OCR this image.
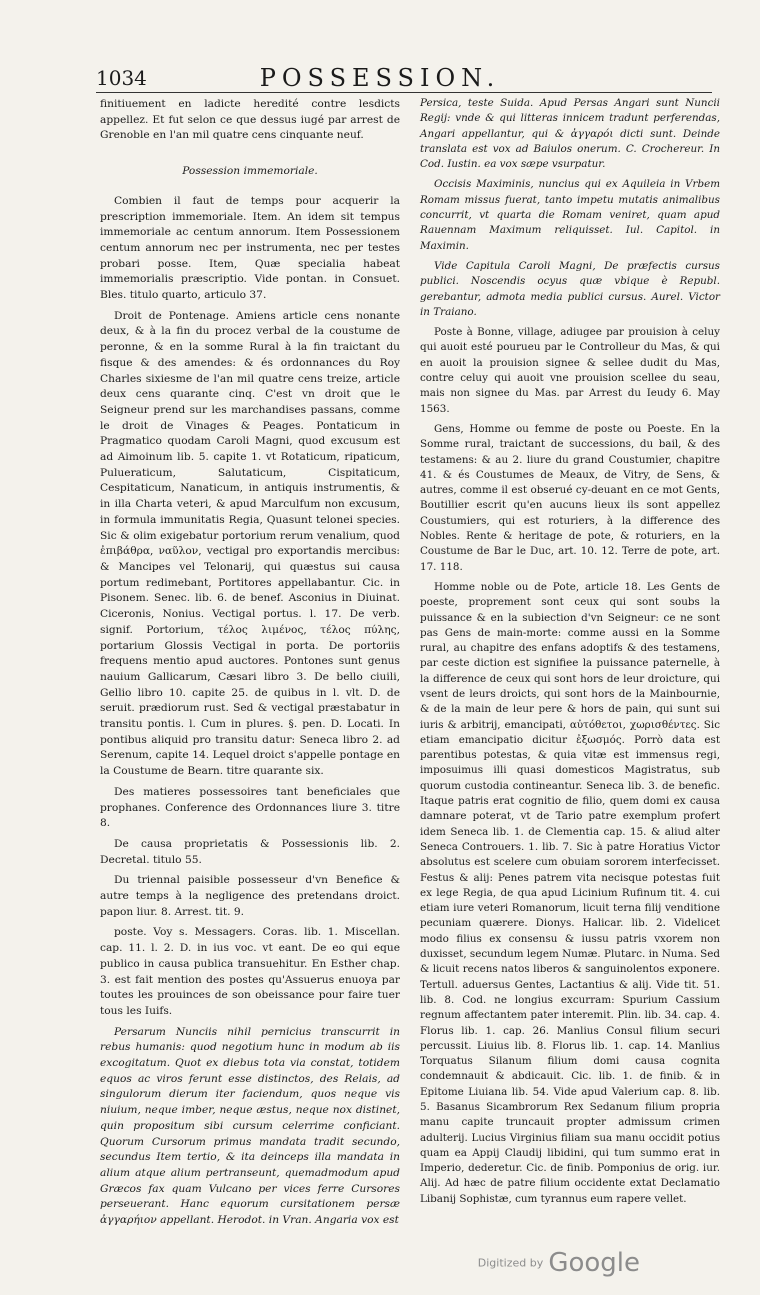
1034	POSSESSION.

finitiuement en ladicte heredité contre lesdicts appellez. Et fut selon ce que dessus iugé par arrest de Grenoble en l'an mil quatre cens cinquante neuf.

Possession immemoriale.

Combien il faut de temps pour acquerir la prescription immemoriale. Item. An idem sit tempus immemoriale ac centum annorum. Item Possessionem centum annorum nec per instrumenta, nec per testes probari posse. Item, Quæ specialia habeat immemorialis præscriptio. Vide pontan. in Consuet. Bles. titulo quarto, articulo 37.

Droit de Pontenage. Amiens article cens nonante deux, & à la fin du procez verbal de la coustume de peronne, & en la somme Rural à la fin traictant du fisque & des amendes: & és ordonnances du Roy Charles sixiesme de l'an mil quatre cens treize, article deux cens quarante cinq. C'est vn droit que le Seigneur prend sur les marchandises passans, comme le droit de Vinages & Peages. Pontaticum in Pragmatico quodam Caroli Magni, quod excusum est ad Aimoinum lib. 5. capite 1. vt Rotaticum, ripaticum, Pulueraticum, Salutaticum, Cispitaticum, Cespitaticum, Nanaticum, in antiquis instrumentis, & in illa Charta veteri, & apud Marculfum non excusum, in formula immunitatis Regia, Quasunt telonei species. Sic & olim exigebatur portorium rerum venalium, quod ἐπιβάθρα, ναῦλον, vectigal pro exportandis mercibus: & Mancipes vel Telonarij, qui quæstus sui causa portum redimebant, Portitores appellabantur. Cic. in Pisonem. Senec. lib. 6. de benef. Asconius in Diuinat. Ciceronis, Nonius. Vectigal portus. l. 17. De verb. signif. Portorium, τέλος λιμένος, τέλος πύλης, portarium Glossis Vectigal in porta. De portoriis frequens mentio apud auctores. Pontones sunt genus nauium Gallicarum, Cæsari libro 3. De bello ciuili, Gellio libro 10. capite 25. de quibus in l. vlt. D. de seruit. prædiorum rust. Sed & vectigal præstabatur in transitu pontis. l. Cum in plures. §. pen. D. Locati. In pontibus aliquid pro transitu datur: Seneca libro 2. ad Serenum, capite 14. Lequel droict s'appelle pontage en la Coustume de Bearn. titre quarante six.

Des matieres possessoires tant beneficiales que prophanes. Conference des Ordonnances liure 3. titre 8.

De causa proprietatis & Possessionis lib. 2. Decretal. titulo 55.

Du triennal paisible possesseur d'vn Benefice & autre temps à la negligence des pretendans droict. papon liur. 8. Arrest. tit. 9.

poste. Voy s. Messagers. Coras. lib. 1. Miscellan. cap. 11. l. 2. D. in ius voc. vt eant. De eo qui eque publico in causa publica transuehitur. En Esther chap. 3. est fait mention des postes qu'Assuerus enuoya par toutes les prouinces de son obeissance pour faire tuer tous les Iuifs.

Persarum Nunciis nihil pernicius transcurrit in rebus humanis: quod negotium hunc in modum ab iis excogitatum. Quot ex diebus tota via constat, totidem equos ac viros ferunt esse distinctos, des Relais, ad singulorum dierum iter faciendum, quos neque vis niuium, neque imber, neque æstus, neque nox distinet, quin propositum sibi cursum celerrime conficiant. Quorum Cursorum primus mandata tradit secundo, secundus Item tertio, & ita deinceps illa mandata in alium atque alium pertranseunt, quemadmodum apud Græcos fax quam Vulcano per vices ferre Cursores perseuerant. Hanc equorum cursitationem persæ ἀγγαρήιον appellant. Herodot. in Vran. Angaria vox est

Persica, teste Suida. Apud Persas Angari sunt Nuncii Regij: vnde & qui litteras innicem tradunt perferendas, Angari appellantur, qui & ἀγγαρόι dicti sunt. Deinde translata est vox ad Baiulos onerum. C. Crochereur. In Cod. Iustin. ea vox sæpe vsurpatur.

Occisis Maximinis, nuncius qui ex Aquileia in Vrbem Romam missus fuerat, tanto impetu mutatis animalibus concurrit, vt quarta die Romam veniret, quam apud Rauennam Maximum reliquisset. Iul. Capitol. in Maximin.

Vide Capitula Caroli Magni, De præfectis cursus publici. Noscendis ocyus quæ vbique è Republ. gerebantur, admota media publici cursus. Aurel. Victor in Traiano.

Poste à Bonne, village, adiugee par prouision à celuy qui auoit esté pourueu par le Controlleur du Mas, & qui en auoit la prouision signee & sellee dudit du Mas, contre celuy qui auoit vne prouision scellee du seau, mais non signee du Mas. par Arrest du Ieudy 6. May 1563.

Gens, Homme ou femme de poste ou Poeste. En la Somme rural, traictant de successions, du bail, & des testamens: & au 2. liure du grand Coustumier, chapitre 41. & és Coustumes de Meaux, de Vitry, de Sens, & autres, comme il est obserué cy-deuant en ce mot Gents, Boutillier escrit qu'en aucuns lieux ils sont appellez Coustumiers, qui est roturiers, à la difference des Nobles. Rente & heritage de pote, & roturiers, en la Coustume de Bar le Duc, art. 10. 12. Terre de pote, art. 17. 118.

Homme noble ou de Pote, article 18. Les Gents de poeste, proprement sont ceux qui sont soubs la puissance & en la subiection d'vn Seigneur: ce ne sont pas Gens de main-morte: comme aussi en la Somme rural, au chapitre des enfans adoptifs & des testamens, par ceste diction est signifiee la puissance paternelle, à la difference de ceux qui sont hors de leur droicture, qui vsent de leurs droicts, qui sont hors de la Mainbournie, & de la main de leur pere & hors de pain, qui sunt sui iuris & arbitrij, emancipati, αὐτόθετοι, χωρισθέντες. Sic etiam emancipatio dicitur ἐξωσμός. Porrò data est parentibus potestas, & quia vitæ est immensus regi, imposuimus illi quasi domesticos Magistratus, sub quorum custodia contineantur. Seneca lib. 3. de benefic. Itaque patris erat cognitio de filio, quem domi ex causa damnare poterat, vt de Tario patre exemplum profert idem Seneca lib. 1. de Clementia cap. 15. & aliud alter Seneca Controuers. 1. lib. 7. Sic à patre Horatius Victor absolutus est scelere cum obuiam sororem interfecisset. Festus & alij: Penes patrem vita necisque potestas fuit ex lege Regia, de qua apud Licinium Rufinum tit. 4. cui etiam iure veteri Romanorum, licuit terna filij venditione pecuniam quærere. Dionys. Halicar. lib. 2. Videlicet modo filius ex consensu & iussu patris vxorem non duxisset, secundum legem Numæ. Plutarc. in Numa. Sed & licuit recens natos liberos & sanguinolentos exponere. Tertull. aduersus Gentes, Lactantius & alij. Vide tit. 51. lib. 8. Cod. ne longius excurram: Spurium Cassium regnum affectantem pater interemit. Plin. lib. 34. cap. 4. Florus lib. 1. cap. 26. Manlius Consul filium securi percussit. Liuius lib. 8. Florus lib. 1. cap. 14. Manlius Torquatus Silanum filium domi causa cognita condemnauit & abdicauit. Cic. lib. 1. de finib. & in Epitome Liuiana lib. 54. Vide apud Valerium cap. 8. lib. 5. Basanus Sicambrorum Rex Sedanum filium propria manu capite truncauit propter admissum crimen adulterij. Lucius Virginius filiam sua manu occidit potius quam ea Appij Claudij libidini, qui tum summo erat in Imperio, dederetur. Cic. de finib. Pomponius de orig. iur. Alij. Ad hæc de patre filium occidente extat Declamatio Libanij Sophistæ, cum tyrannus eum rapere vellet.

Digitized by Google
